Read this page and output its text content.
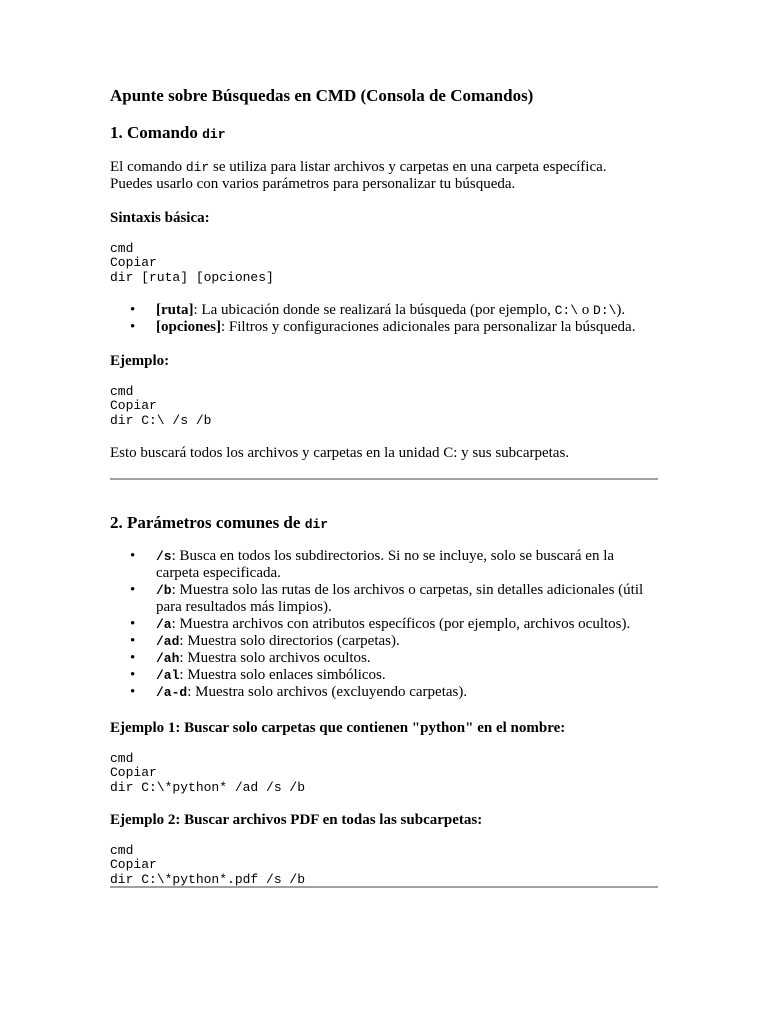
Apunte sobre Búsquedas en CMD (Consola de Comandos)
1. Comando dir

El comando dir se utiliza para listar archivos y carpetas en una carpeta específica.
Puedes usarlo con varios parámetros para personalizar tu búsqueda.

Sintaxis básica:

cmd
Copiar
dir [ruta] [opciones]
• [ruta]: La ubicación donde se realizará la búsqueda (por ejemplo, C:\ o D:\).
• [opciones]: Filtros y configuraciones adicionales para personalizar la búsqueda.

Ejemplo:

cmd
Copiar
dir C:\ /s /b

Esto buscará todos los archivos y carpetas en la unidad C: y sus subcarpetas.

2. Parámetros comunes de dir
• /s: Busca en todos los subdirectorios. Si no se incluye, solo se buscará en la carpeta especificada.
• /b: Muestra solo las rutas de los archivos o carpetas, sin detalles adicionales (útil para resultados más limpios).
• /a: Muestra archivos con atributos específicos (por ejemplo, archivos ocultos).
• /ad: Muestra solo directorios (carpetas).
• /ah: Muestra solo archivos ocultos.
• /al: Muestra solo enlaces simbólicos.
• /a-d: Muestra solo archivos (excluyendo carpetas).

Ejemplo 1: Buscar solo carpetas que contienen "python" en el nombre:

cmd
Copiar
dir C:\*python* /ad /s /b

Ejemplo 2: Buscar archivos PDF en todas las subcarpetas:

cmd
Copiar
dir C:\*python*.pdf /s /b
